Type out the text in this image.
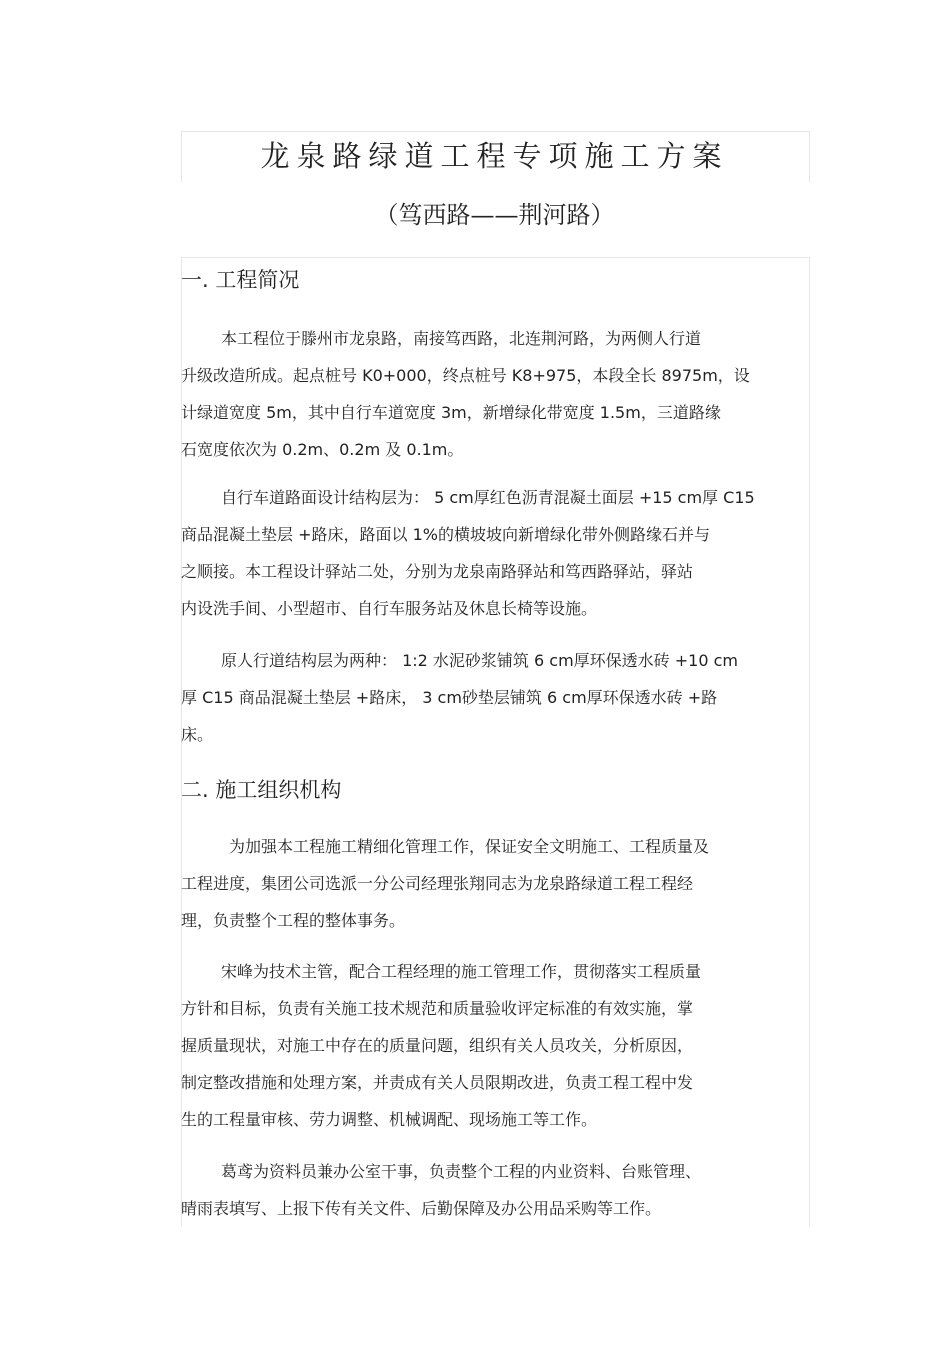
龙泉路绿道工程专项施工方案
（笃西路——荆河路）
一. 工程简况
本工程位于滕州市龙泉路，南接笃西路，北连荆河路，为两侧人行道
升级改造所成。起点桩号 K0+000，终点桩号 K8+975，本段全长 8975m，设
计绿道宽度 5m，其中自行车道宽度 3m，新增绿化带宽度 1.5m，三道路缘
石宽度依次为 0.2m、0.2m 及 0.1m。
自行车道路面设计结构层为： 5 cm厚红色沥青混凝土面层 +15 cm厚 C15
商品混凝土垫层 +路床，路面以 1%的横坡坡向新增绿化带外侧路缘石并与
之顺接。本工程设计驿站二处，分别为龙泉南路驿站和笃西路驿站，驿站
内设洗手间、小型超市、自行车服务站及休息长椅等设施。
原人行道结构层为两种： 1:2 水泥砂浆铺筑 6 cm厚环保透水砖 +10 cm
厚 C15 商品混凝土垫层 +路床， 3 cm砂垫层铺筑 6 cm厚环保透水砖 +路
床。
二. 施工组织机构
为加强本工程施工精细化管理工作，保证安全文明施工、工程质量及
工程进度，集团公司选派一分公司经理张翔同志为龙泉路绿道工程工程经
理，负责整个工程的整体事务。
宋峰为技术主管，配合工程经理的施工管理工作，贯彻落实工程质量
方针和目标，负责有关施工技术规范和质量验收评定标准的有效实施，掌
握质量现状，对施工中存在的质量问题，组织有关人员攻关，分析原因，
制定整改措施和处理方案，并责成有关人员限期改进，负责工程工程中发
生的工程量审核、劳力调整、机械调配、现场施工等工作。
葛鸢为资料员兼办公室干事，负责整个工程的内业资料、台账管理、
晴雨表填写、上报下传有关文件、后勤保障及办公用品采购等工作。
